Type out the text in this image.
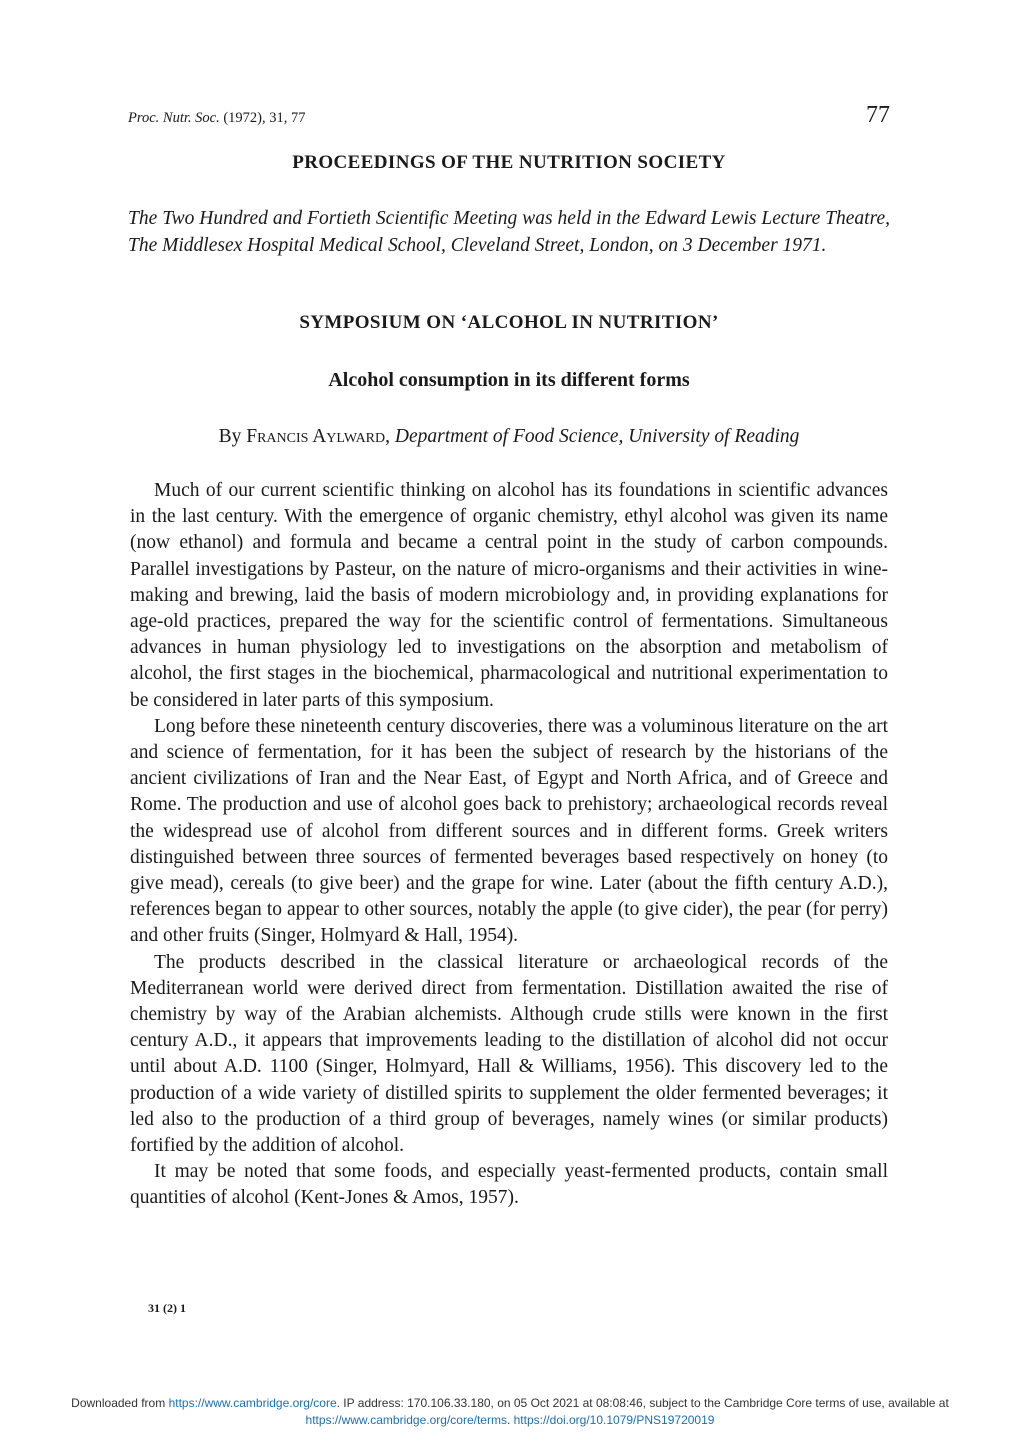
Proc. Nutr. Soc. (1972), 31, 77	77
PROCEEDINGS OF THE NUTRITION SOCIETY
The Two Hundred and Fortieth Scientific Meeting was held in the Edward Lewis Lecture Theatre, The Middlesex Hospital Medical School, Cleveland Street, London, on 3 December 1971.
SYMPOSIUM ON ‘ALCOHOL IN NUTRITION’
Alcohol consumption in its different forms
By Francis Aylward, Department of Food Science, University of Reading

Much of our current scientific thinking on alcohol has its foundations in scientific advances in the last century. With the emergence of organic chemistry, ethyl alcohol was given its name (now ethanol) and formula and became a central point in the study of carbon compounds. Parallel investigations by Pasteur, on the nature of micro-organisms and their activities in wine-making and brewing, laid the basis of modern microbiology and, in providing explanations for age-old practices, prepared the way for the scientific control of fermentations. Simultaneous advances in human physiology led to investigations on the absorption and metabolism of alcohol, the first stages in the biochemical, pharmacological and nutritional experimentation to be considered in later parts of this symposium.

Long before these nineteenth century discoveries, there was a voluminous literature on the art and science of fermentation, for it has been the subject of research by the historians of the ancient civilizations of Iran and the Near East, of Egypt and North Africa, and of Greece and Rome. The production and use of alcohol goes back to prehistory; archaeological records reveal the widespread use of alcohol from different sources and in different forms. Greek writers distinguished between three sources of fermented beverages based respectively on honey (to give mead), cereals (to give beer) and the grape for wine. Later (about the fifth century A.D.), references began to appear to other sources, notably the apple (to give cider), the pear (for perry) and other fruits (Singer, Holmyard & Hall, 1954).

The products described in the classical literature or archaeological records of the Mediterranean world were derived direct from fermentation. Distillation awaited the rise of chemistry by way of the Arabian alchemists. Although crude stills were known in the first century A.D., it appears that improvements leading to the distillation of alcohol did not occur until about A.D. 1100 (Singer, Holmyard, Hall & Williams, 1956). This discovery led to the production of a wide variety of distilled spirits to supplement the older fermented beverages; it led also to the production of a third group of beverages, namely wines (or similar products) fortified by the addition of alcohol.

It may be noted that some foods, and especially yeast-fermented products, contain small quantities of alcohol (Kent-Jones & Amos, 1957).

31 (2) 1
Downloaded from https://www.cambridge.org/core. IP address: 170.106.33.180, on 05 Oct 2021 at 08:08:46, subject to the Cambridge Core terms of use, available at
https://www.cambridge.org/core/terms. https://doi.org/10.1079/PNS19720019
